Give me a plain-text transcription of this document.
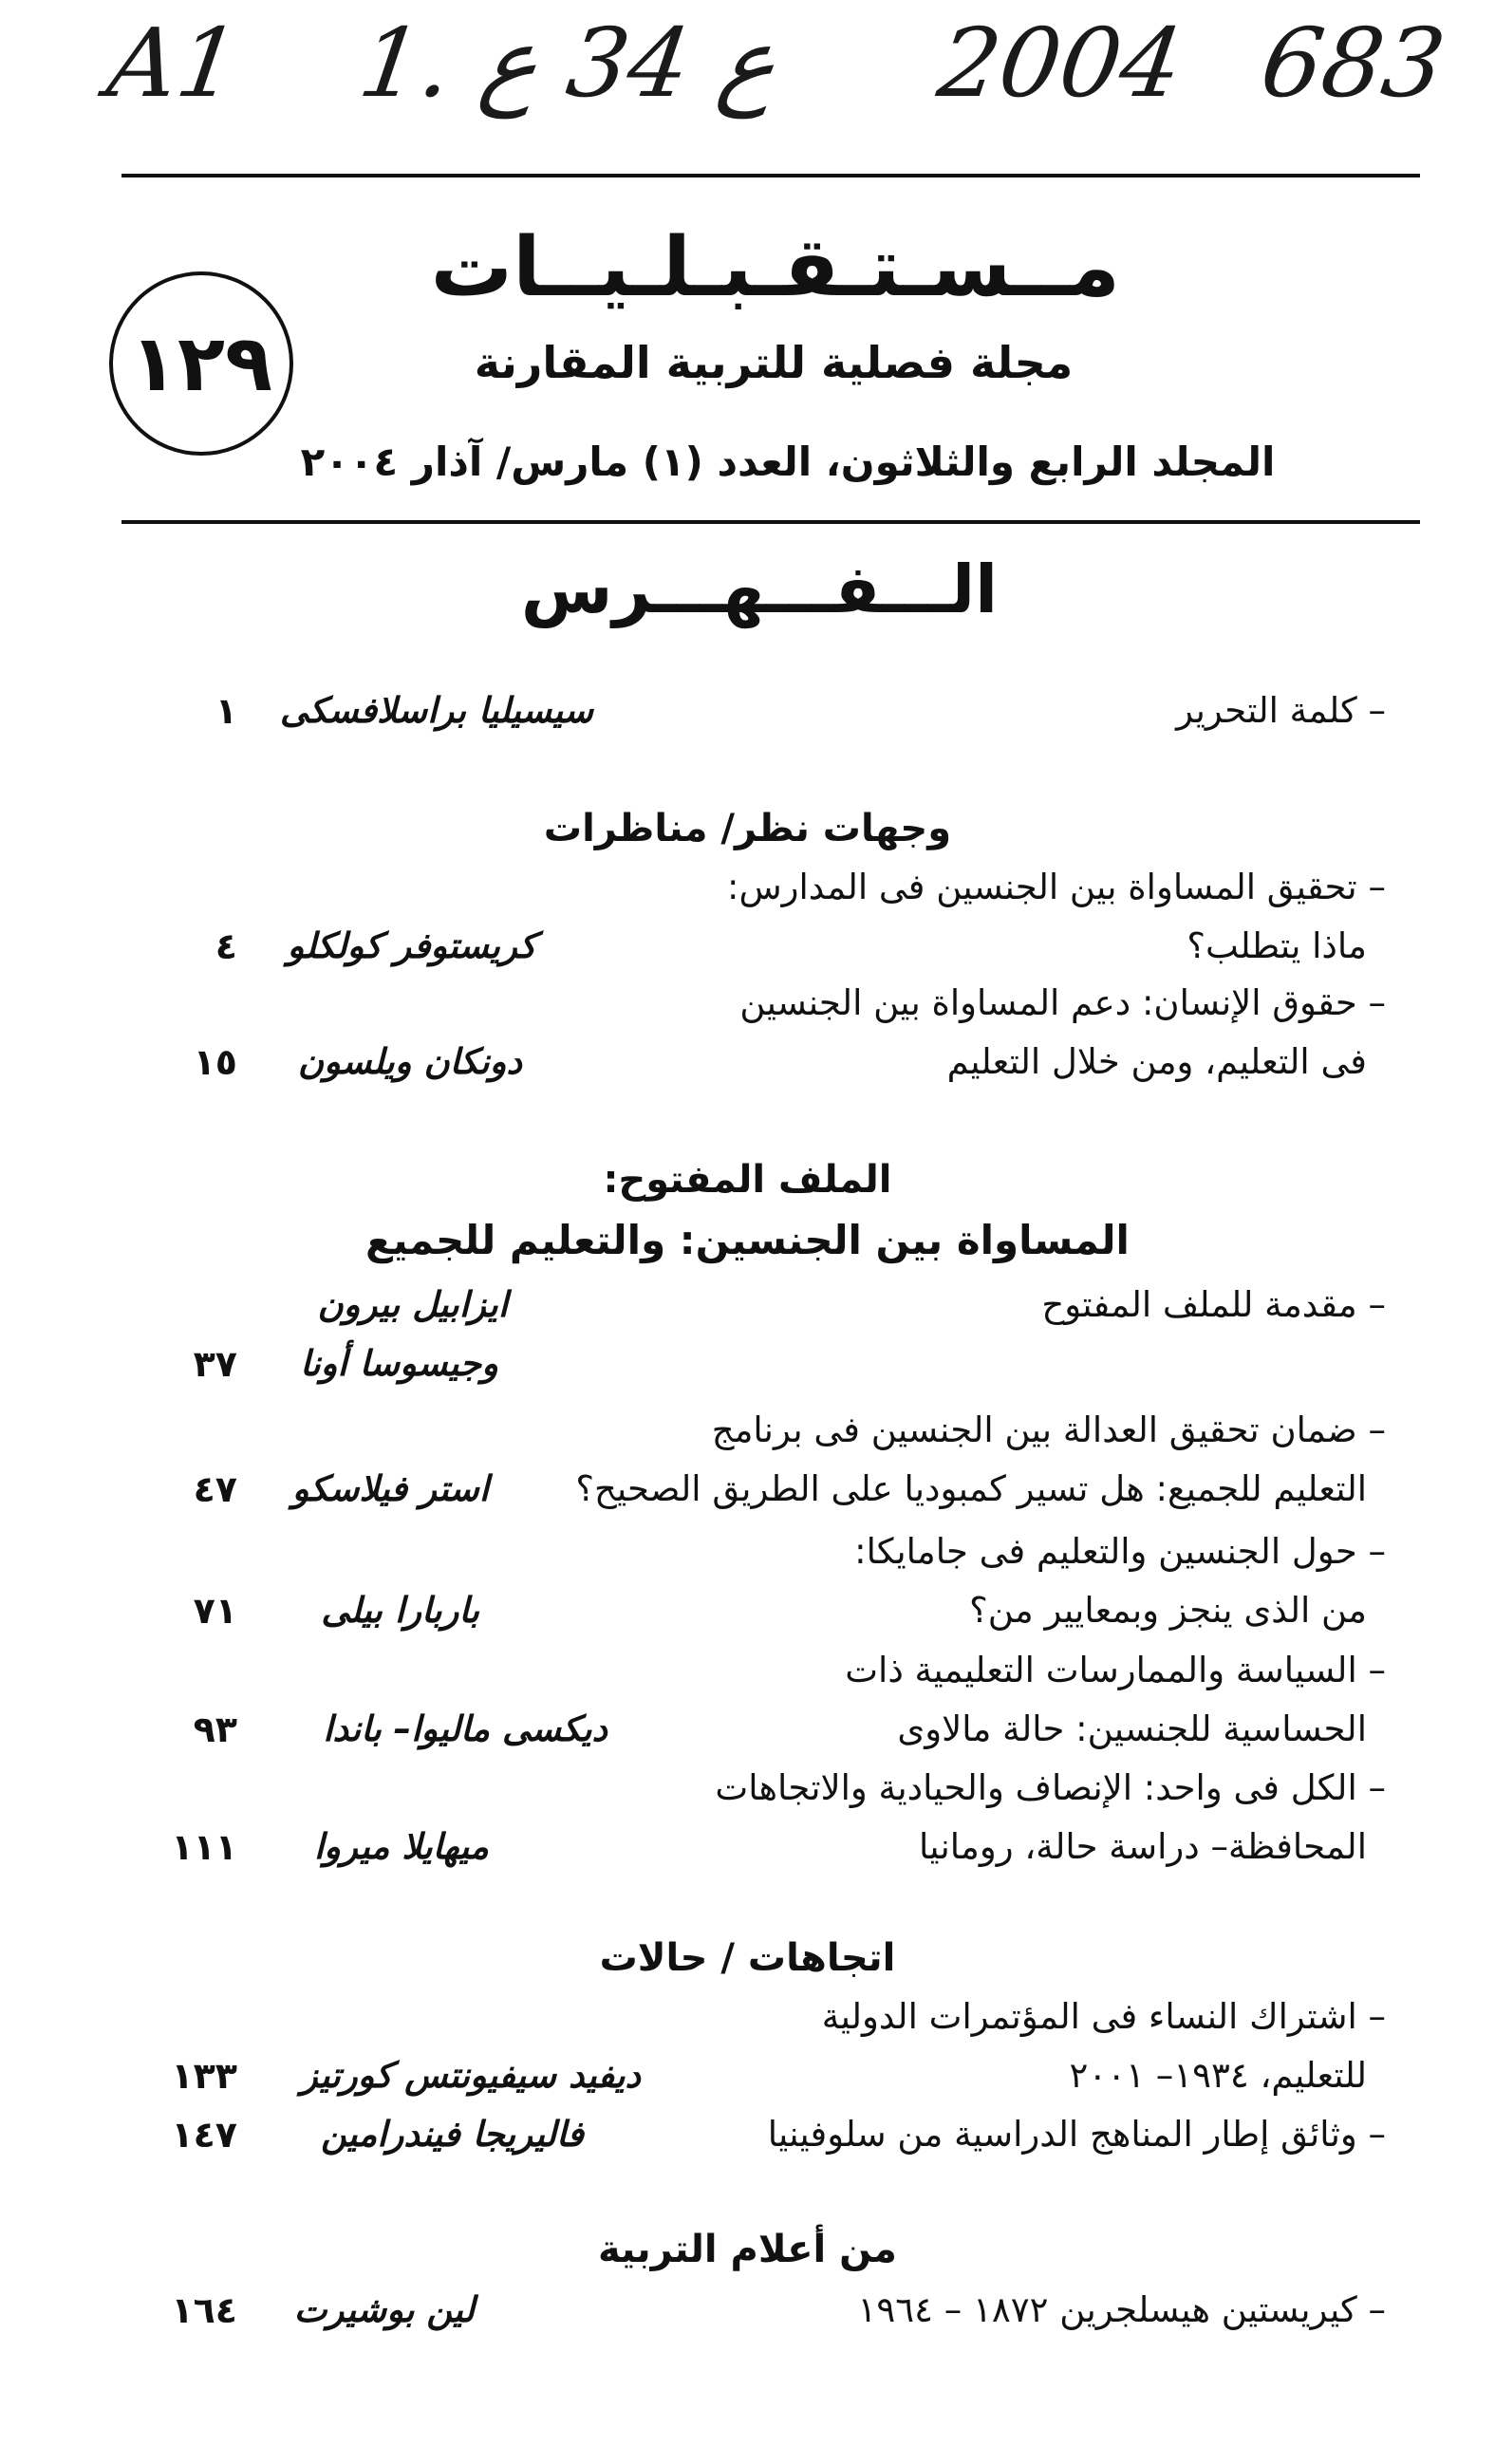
A1 1. ع 34 ع 2004 683
١٢٩
مــسـتـقـبـلـيــات
مجلة فصلية للتربية المقارنة
المجلد الرابع والثلاثون، العدد (١) مارس/ آذار ٢٠٠٤
الـــفـــهـــرس
– كلمة التحرير
سيسيليا براسلافسكى
١
وجهات نظر/ مناظرات
– تحقيق المساواة بين الجنسين فى المدارس:
ماذا يتطلب؟
كريستوفر كولكلو
٤
– حقوق الإنسان: دعم المساواة بين الجنسين
فى التعليم، ومن خلال التعليم
دونكان ويلسون
١٥
الملف المفتوح:
المساواة بين الجنسين: والتعليم للجميع
– مقدمة للملف المفتوح
ايزابيل بيرون
وجيسوسا أونا
٣٧
– ضمان تحقيق العدالة بين الجنسين فى برنامج
التعليم للجميع: هل تسير كمبوديا على الطريق الصحيح؟
استر فيلاسكو
٤٧
– حول الجنسين والتعليم فى جامايكا:
من الذى ينجز وبمعايير من؟
باربارا بيلى
٧١
– السياسة والممارسات التعليمية ذات
الحساسية للجنسين: حالة مالاوى
ديكسى ماليوا– باندا
٩٣
– الكل فى واحد: الإنصاف والحيادية والاتجاهات
المحافظة– دراسة حالة، رومانيا
ميهايلا ميروا
١١١
اتجاهات / حالات
– اشتراك النساء فى المؤتمرات الدولية
للتعليم، ١٩٣٤– ٢٠٠١
ديفيد سيفيونتس كورتيز
١٣٣
– وثائق إطار المناهج الدراسية من سلوفينيا
فاليريجا فيندرامين
١٤٧
من أعلام التربية
– كيريستين هيسلجرين ١٨٧٢ – ١٩٦٤
لين بوشيرت
١٦٤
